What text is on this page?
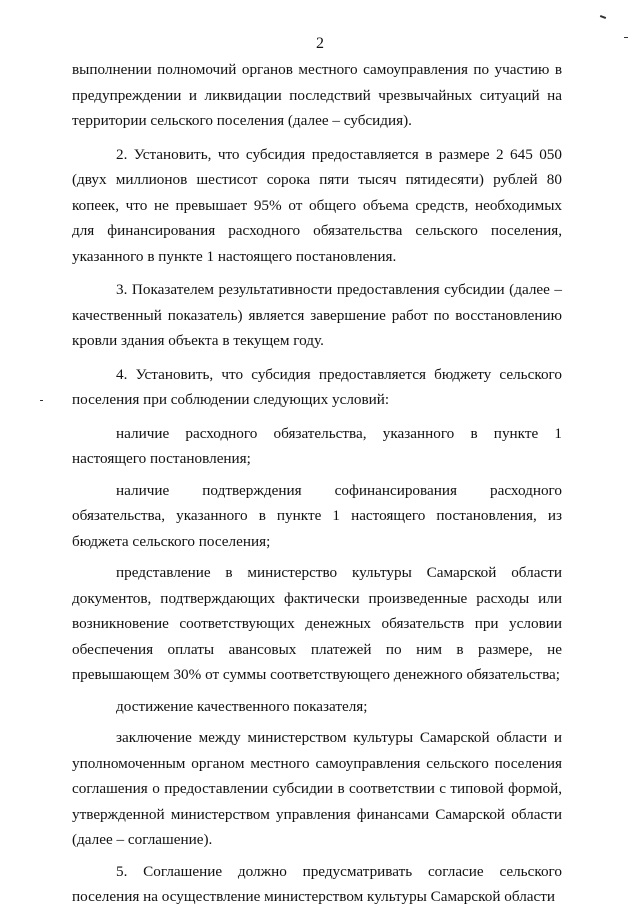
2

выполнении полномочий органов местного самоуправления по участию в предупреждении и ликвидации последствий чрезвычайных ситуаций на территории сельского поселения (далее – субсидия).

2. Установить, что субсидия предоставляется в размере 2 645 050 (двух миллионов шестисот сорока пяти тысяч пятидесяти) рублей 80 копеек, что не превышает 95% от общего объема средств, необходимых для финансирования расходного обязательства сельского поселения, указанного в пункте 1 настоящего постановления.

3. Показателем результативности предоставления субсидии (далее – качественный показатель) является завершение работ по восстановлению кровли здания объекта в текущем году.

4. Установить, что субсидия предоставляется бюджету сельского поселения при соблюдении следующих условий:

наличие расходного обязательства, указанного в пункте 1 настоящего постановления;

наличие подтверждения софинансирования расходного обязательства, указанного в пункте 1 настоящего постановления, из бюджета сельского поселения;

представление в министерство культуры Самарской области документов, подтверждающих фактически произведенные расходы или возникновение соответствующих денежных обязательств при условии обеспечения оплаты авансовых платежей по ним в размере, не превышающем 30% от суммы соответствующего денежного обязательства;

достижение качественного показателя;

заключение между министерством культуры Самарской области и уполномоченным органом местного самоуправления сельского поселения соглашения о предоставлении субсидии в соответствии с типовой формой, утвержденной министерством управления финансами Самарской области (далее – соглашение).

5. Соглашение должно предусматривать согласие сельского поселения на осуществление министерством культуры Самарской области
